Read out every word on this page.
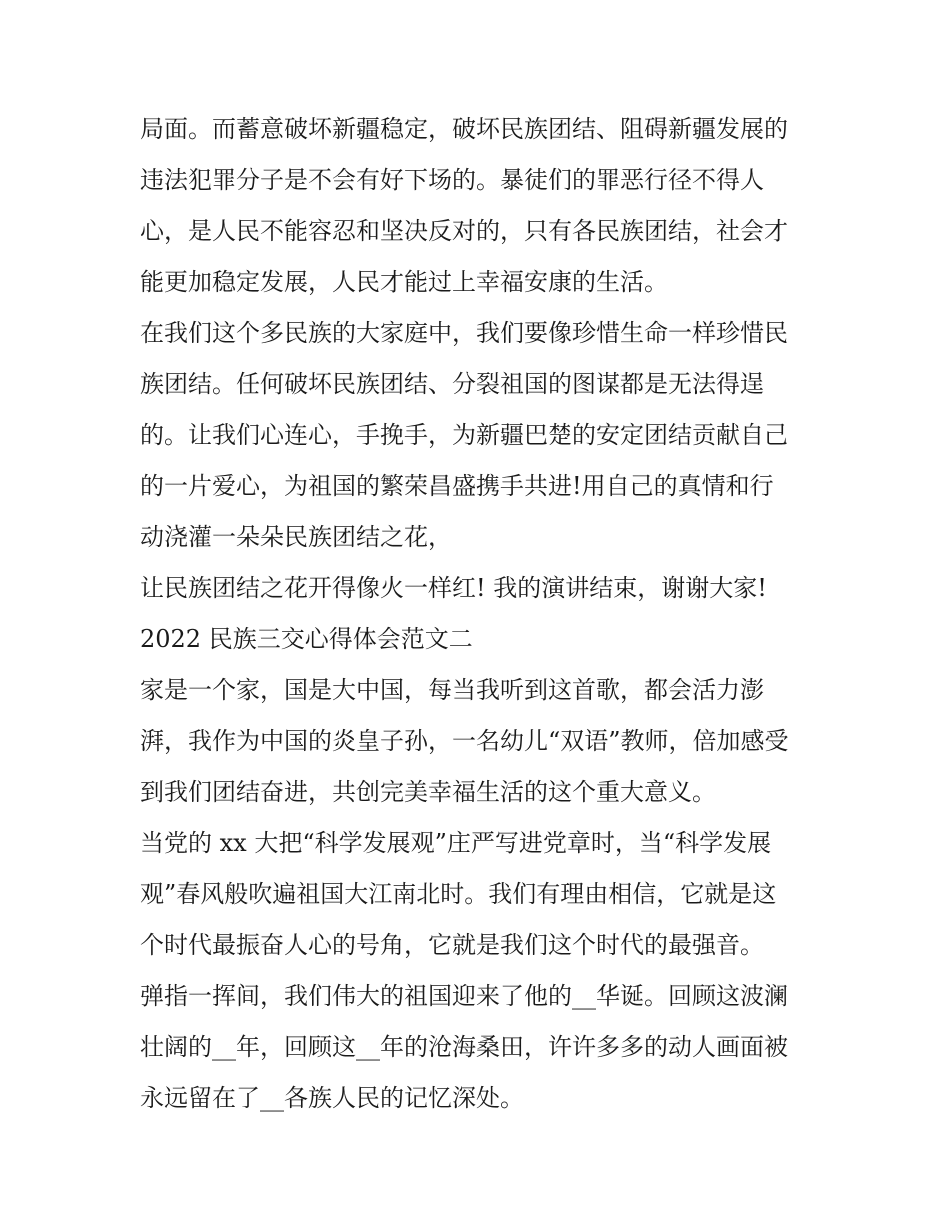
局面。而蓄意破坏新疆稳定，破坏民族团结、阻碍新疆发展的
违法犯罪分子是不会有好下场的。暴徒们的罪恶行径不得人
心，是人民不能容忍和坚决反对的，只有各民族团结，社会才
能更加稳定发展，人民才能过上幸福安康的生活。
在我们这个多民族的大家庭中，我们要像珍惜生命一样珍惜民
族团结。任何破坏民族团结、分裂祖国的图谋都是无法得逞
的。让我们心连心，手挽手，为新疆巴楚的安定团结贡献自己
的一片爱心，为祖国的繁荣昌盛携手共进!用自己的真情和行
动浇灌一朵朵民族团结之花，
让民族团结之花开得像火一样红! 我的演讲结束，谢谢大家!
2022 民族三交心得体会范文二
家是一个家，国是大中国，每当我听到这首歌，都会活力澎
湃，我作为中国的炎皇子孙，一名幼儿“双语”教师，倍加感受
到我们团结奋进，共创完美幸福生活的这个重大意义。
当党的 xx 大把“科学发展观”庄严写进党章时，当“科学发展
观”春风般吹遍祖国大江南北时。我们有理由相信，它就是这
个时代最振奋人心的号角，它就是我们这个时代的最强音。
弹指一挥间，我们伟大的祖国迎来了他的__华诞。回顾这波澜
壮阔的__年，回顾这__年的沧海桑田，许许多多的动人画面被
永远留在了__各族人民的记忆深处。
